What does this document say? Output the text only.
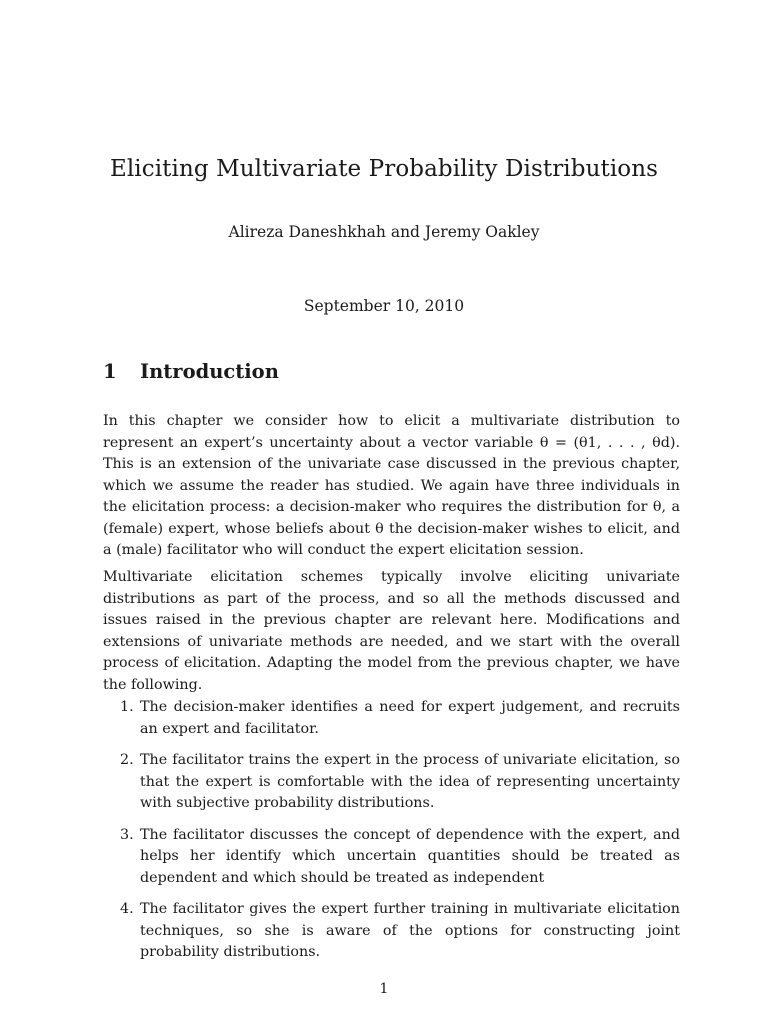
Eliciting Multivariate Probability Distributions
Alireza Daneshkhah and Jeremy Oakley
September 10, 2010
1 Introduction
In this chapter we consider how to elicit a multivariate distribution to represent an expert’s uncertainty about a vector variable θ = (θ1, . . . , θd). This is an extension of the univariate case discussed in the previous chapter, which we assume the reader has studied. We again have three individuals in the elicitation process: a decision-maker who requires the distribution for θ, a (female) expert, whose beliefs about θ the decision-maker wishes to elicit, and a (male) facilitator who will conduct the expert elicitation session.
Multivariate elicitation schemes typically involve eliciting univariate distributions as part of the process, and so all the methods discussed and issues raised in the previous chapter are relevant here. Modifications and extensions of univariate methods are needed, and we start with the overall process of elicitation. Adapting the model from the previous chapter, we have the following.
1. The decision-maker identifies a need for expert judgement, and recruits an expert and facilitator.
2. The facilitator trains the expert in the process of univariate elicitation, so that the expert is comfortable with the idea of representing uncertainty with subjective probability distributions.
3. The facilitator discusses the concept of dependence with the expert, and helps her identify which uncertain quantities should be treated as dependent and which should be treated as independent
4. The facilitator gives the expert further training in multivariate elicitation techniques, so she is aware of the options for constructing joint probability distributions.
1
